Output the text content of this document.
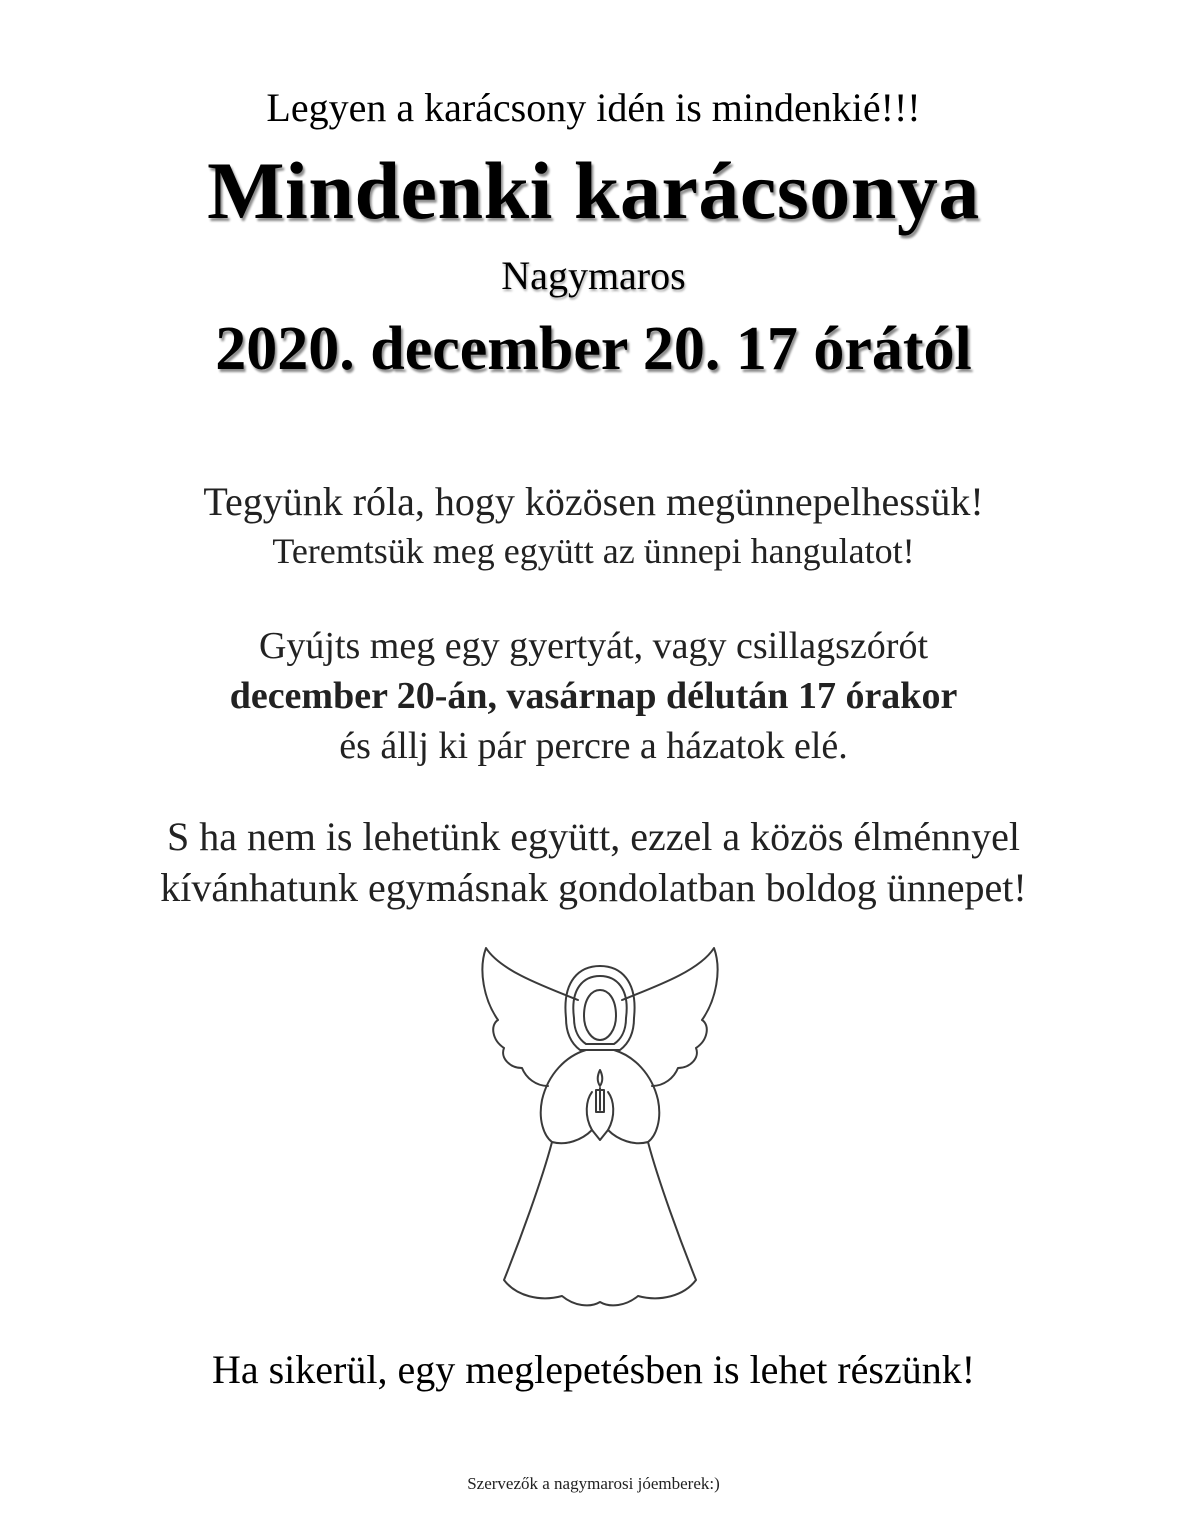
Legyen a karácsony idén is mindenkié!!!

Mindenki karácsonya

Nagymaros

2020. december 20. 17 órától

Tegyünk róla, hogy közösen megünnepelhessük!

Teremtsük meg együtt az ünnepi hangulatot!

Gyújts meg egy gyertyát, vagy csillagszórót

december 20-án, vasárnap délután 17 órakor

és állj ki pár percre a házatok elé.

S ha nem is lehetünk együtt, ezzel a közös élménnyel

kívánhatunk egymásnak gondolatban boldog ünnepet!

Ha sikerül, egy meglepetésben is lehet részünk!

Szervezők a nagymarosi jóemberek:)
